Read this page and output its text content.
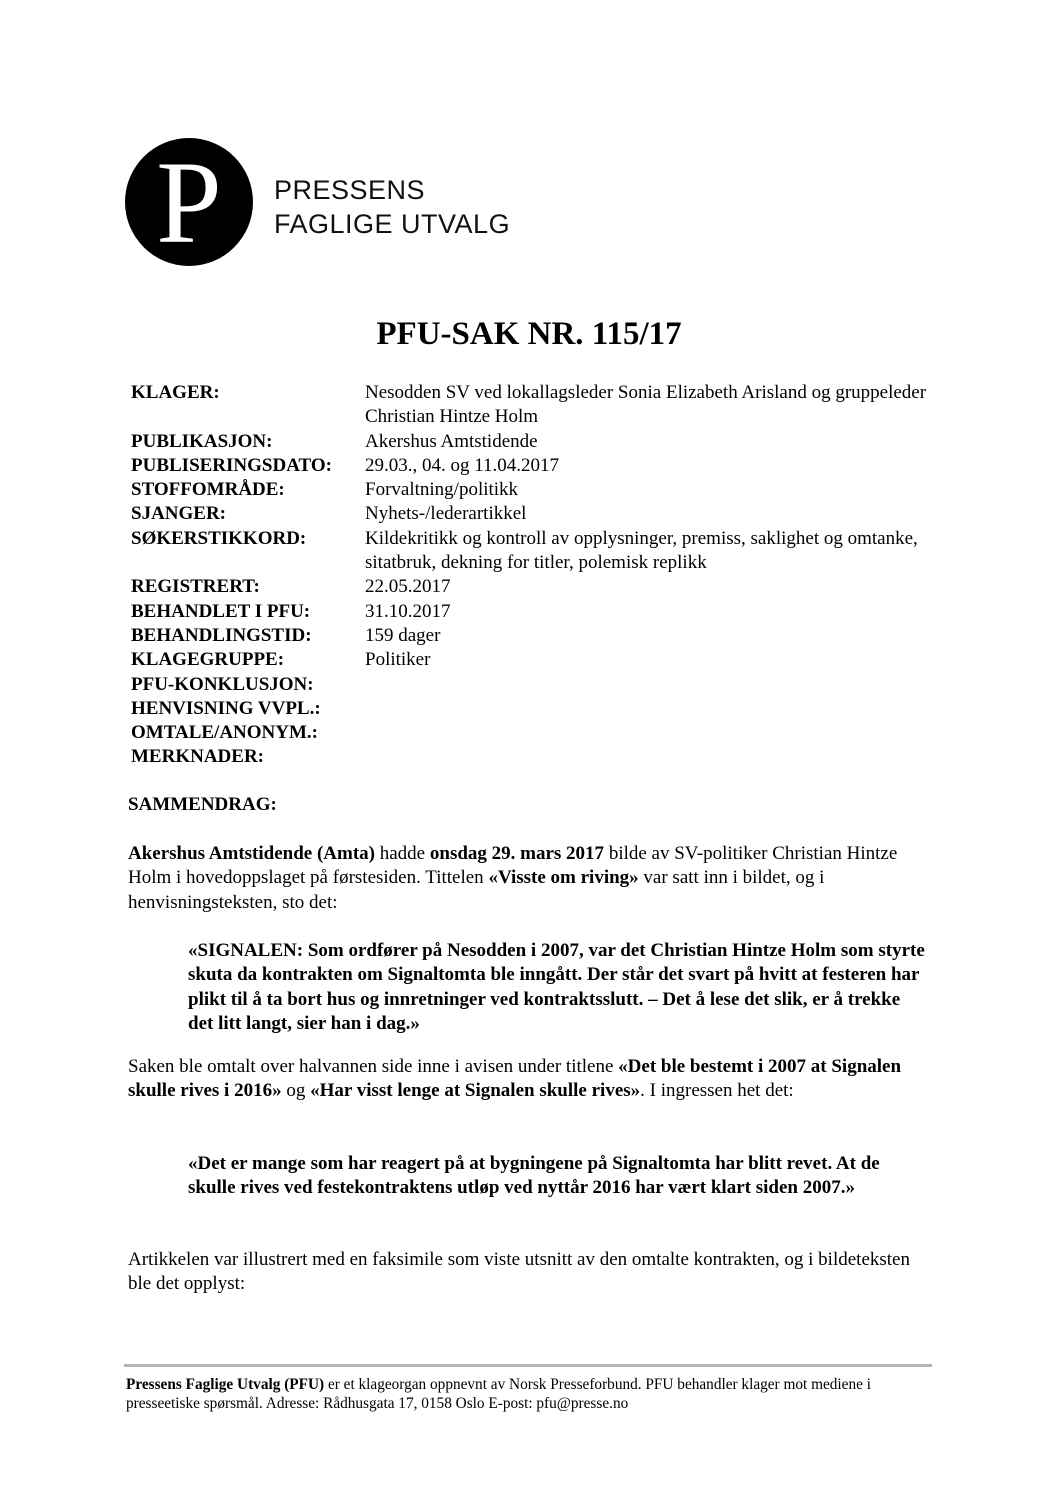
P PRESSENS
FAGLIGE UTVALG
PFU-SAK NR. 115/17
KLAGER:	Nesodden SV ved lokallagsleder Sonia Elizabeth Arisland og gruppeleder Christian Hintze Holm
PUBLIKASJON:	Akershus Amtstidende
PUBLISERINGSDATO:	29.03., 04. og 11.04.2017
STOFFOMRÅDE:	Forvaltning/politikk
SJANGER:	Nyhets-/lederartikkel
SØKERSTIKKORD:	Kildekritikk og kontroll av opplysninger, premiss, saklighet og omtanke, sitatbruk, dekning for titler, polemisk replikk
REGISTRERT:	22.05.2017
BEHANDLET I PFU:	31.10.2017
BEHANDLINGSTID:	159 dager
KLAGEGRUPPE:	Politiker
PFU-KONKLUSJON:
HENVISNING VVPL.:
OMTALE/ANONYM.:
MERKNADER:
SAMMENDRAG:
Akershus Amtstidende (Amta) hadde onsdag 29. mars 2017 bilde av SV-politiker Christian Hintze Holm i hovedoppslaget på førstesiden. Tittelen «Visste om riving» var satt inn i bildet, og i henvisningsteksten, sto det:
«SIGNALEN: Som ordfører på Nesodden i 2007, var det Christian Hintze Holm som styrte skuta da kontrakten om Signaltomta ble inngått. Der står det svart på hvitt at festeren har plikt til å ta bort hus og innretninger ved kontraktsslutt. – Det å lese det slik, er å trekke det litt langt, sier han i dag.»
Saken ble omtalt over halvannen side inne i avisen under titlene «Det ble bestemt i 2007 at Signalen skulle rives i 2016» og «Har visst lenge at Signalen skulle rives». I ingressen het det:
«Det er mange som har reagert på at bygningene på Signaltomta har blitt revet. At de skulle rives ved festekontraktens utløp ved nyttår 2016 har vært klart siden 2007.»
Artikkelen var illustrert med en faksimile som viste utsnitt av den omtalte kontrakten, og i bildeteksten ble det opplyst:
Pressens Faglige Utvalg (PFU) er et klageorgan oppnevnt av Norsk Presseforbund. PFU behandler klager mot mediene i presseetiske spørsmål. Adresse: Rådhusgata 17, 0158 Oslo E-post: pfu@presse.no
